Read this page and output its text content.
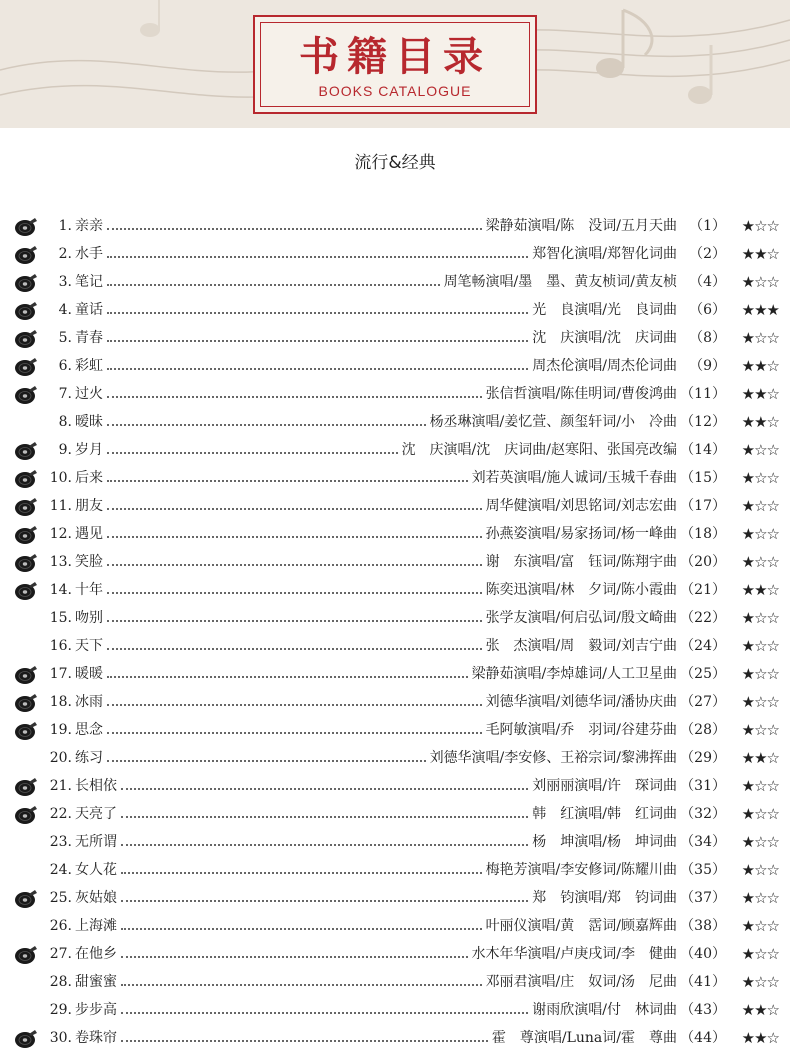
书籍目录
BOOKS CATALOGUE
流行&经典
1. 亲亲	梁静茹演唱/陈　没词/五月天曲 （1） ★☆☆
2. 水手	郑智化演唱/郑智化词曲 （2） ★★☆
3. 笔记	周笔畅演唱/墨　墨、黄友桢词/黄友桢 （4） ★☆☆
4. 童话	光　良演唱/光　良词曲 （6） ★★★
5. 青春	沈　庆演唱/沈　庆词曲 （8） ★☆☆
6. 彩虹	周杰伦演唱/周杰伦词曲 （9） ★★☆
7. 过火	张信哲演唱/陈佳明词/曹俊鸿曲 （11） ★★☆
8. 暧昧	杨丞琳演唱/姜忆萱、颜玺轩词/小　冷曲 （12） ★★☆
9. 岁月	沈　庆演唱/沈　庆词曲/赵寒阳、张国亮改编 （14） ★☆☆
10. 后来	刘若英演唱/施人诚词/玉城千春曲 （15） ★☆☆
11. 朋友	周华健演唱/刘思铭词/刘志宏曲 （17） ★☆☆
12. 遇见	孙燕姿演唱/易家扬词/杨一峰曲 （18） ★☆☆
13. 笑脸	谢　东演唱/富　钰词/陈翔宇曲 （20） ★☆☆
14. 十年	陈奕迅演唱/林　夕词/陈小霞曲 （21） ★★☆
15. 吻别	张学友演唱/何启弘词/殷文崎曲 （22） ★☆☆
16. 天下	张　杰演唱/周　毅词/刘吉宁曲 （24） ★☆☆
17. 暖暖	梁静茹演唱/李焯雄词/人工卫星曲 （25） ★☆☆
18. 冰雨	刘德华演唱/刘德华词/潘协庆曲 （27） ★☆☆
19. 思念	毛阿敏演唱/乔　羽词/谷建芬曲 （28） ★☆☆
20. 练习	刘德华演唱/李安修、王裕宗词/黎沸挥曲 （29） ★★☆
21. 长相依	刘丽丽演唱/许　琛词曲 （31） ★☆☆
22. 天亮了	韩　红演唱/韩　红词曲 （32） ★☆☆
23. 无所谓	杨　坤演唱/杨　坤词曲 （34） ★☆☆
24. 女人花	梅艳芳演唱/李安修词/陈耀川曲 （35） ★☆☆
25. 灰姑娘	郑　钧演唱/郑　钧词曲 （37） ★☆☆
26. 上海滩	叶丽仪演唱/黄　霑词/顾嘉辉曲 （38） ★☆☆
27. 在他乡	水木年华演唱/卢庚戌词/李　健曲 （40） ★☆☆
28. 甜蜜蜜	邓丽君演唱/庄　奴词/汤　尼曲 （41） ★☆☆
29. 步步高	谢雨欣演唱/付　林词曲 （43） ★★☆
30. 卷珠帘	霍　尊演唱/Luna词/霍　尊曲 （44） ★★☆
